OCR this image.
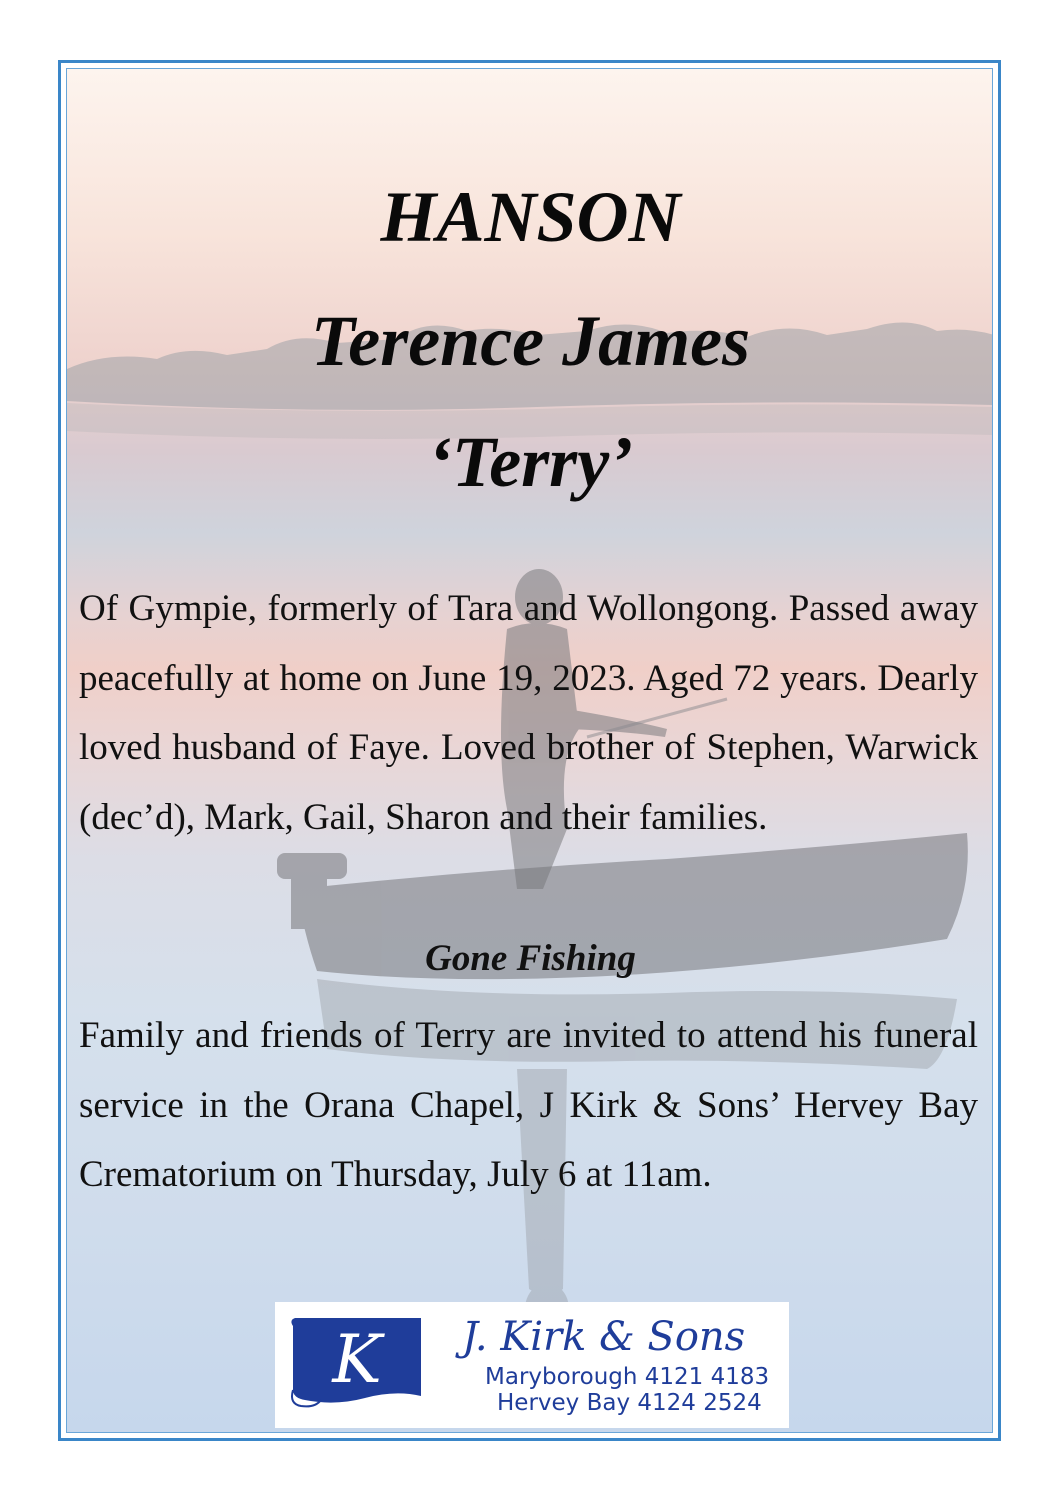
HANSON
Terence James
‘Terry’

Of Gympie, formerly of Tara and Wollongong. Passed away peacefully at home on June 19, 2023. Aged 72 years. Dearly loved husband of Faye. Loved brother of Stephen, Warwick (dec’d), Mark, Gail, Sharon and their families.

Gone Fishing

Family and friends of Terry are invited to attend his funeral service in the Orana Chapel, J Kirk & Sons’ Hervey Bay Crematorium on Thursday, July 6 at 11am.

K J. Kirk & Sons
Maryborough 4121 4183
Hervey Bay 4124 2524
